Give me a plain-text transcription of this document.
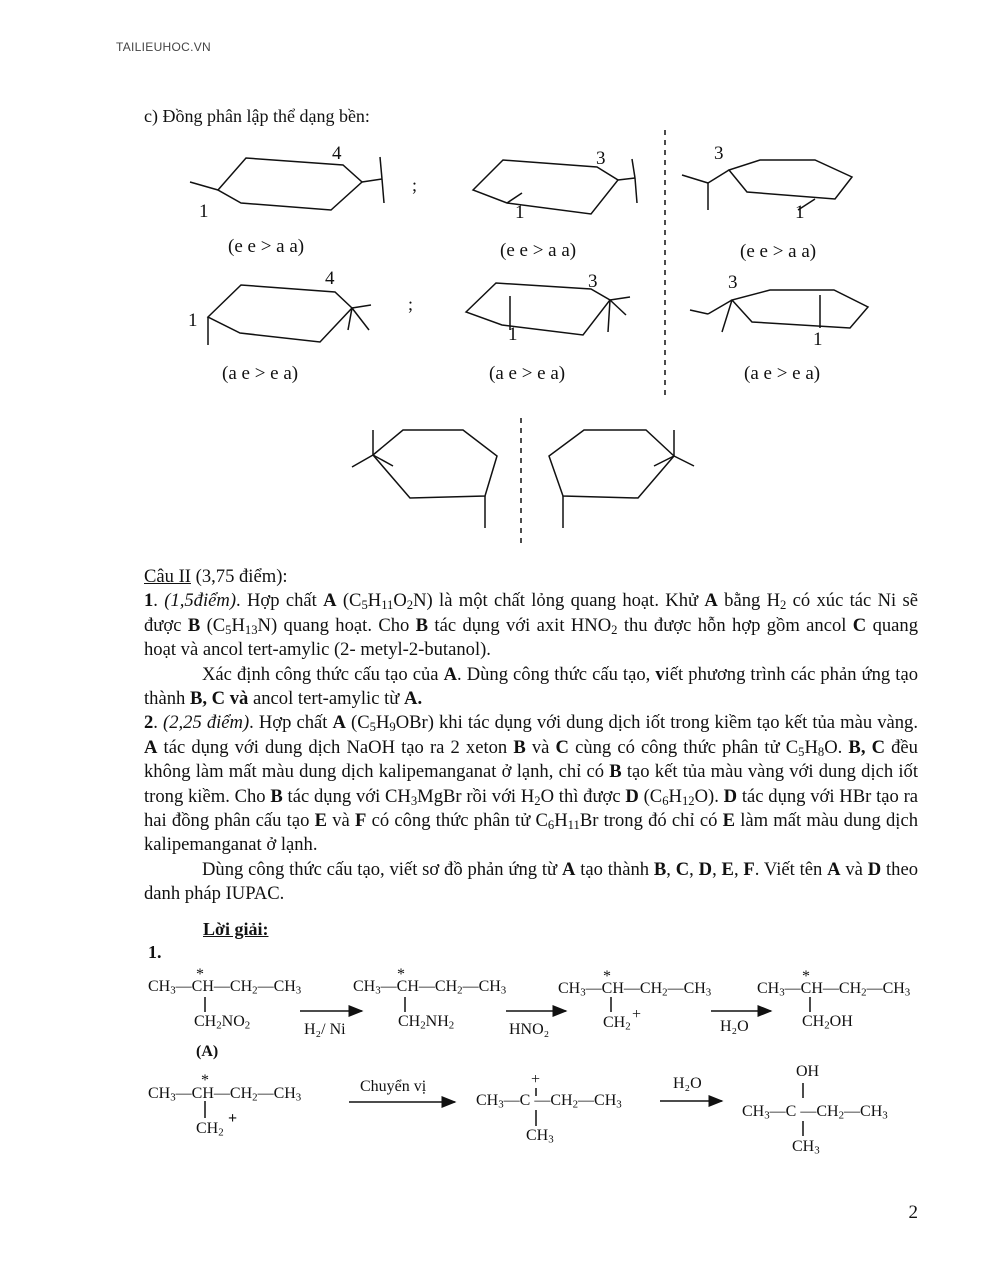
TAILIEUHOC.VN
c) Đồng phân lập thể dạng bền:
4
1
3
1
3
1
;
(e e > a a)	(e e > a a)	(e e > a a)
4
1
3
1
3
1
;
(a e > e a)	(a e > e a)	(a e > e a)

Câu II (3,75 điểm):

1. (1,5điểm). Hợp chất A $(C_5H_{11}O_2N)$ là một chất lỏng quang hoạt. Khử A bằng $H_2$ có xúc tác Ni sẽ được B $(C_5H_{13}N)$ quang hoạt. Cho B tác dụng với axit $HNO_2$ thu được hỗn hợp gồm ancol C quang hoạt và ancol tert-amylic (2- metyl-2-butanol).

Xác định công thức cấu tạo của A. Dùng công thức cấu tạo, viết phương trình các phản ứng tạo thành B, C và ancol tert-amylic từ A.

2. (2,25 điểm). Hợp chất A $(C_5H_9OBr)$ khi tác dụng với dung dịch iốt trong kiềm tạo kết tủa màu vàng. A tác dụng với dung dịch NaOH tạo ra 2 xeton B và C cùng có công thức phân tử $C_5H_8O$. B, C đều không làm mất màu dung dịch kalipemanganat ở lạnh, chỉ có B tạo kết tủa màu vàng với dung dịch iốt trong kiềm. Cho B tác dụng với $CH_3MgBr$ rồi với $H_2O$ thì được D $(C_6H_{12}O)$. D tác dụng với HBr tạo ra hai đồng phân cấu tạo E và F có công thức phân tử $C_6H_{11}Br$ trong đó chỉ có E làm mất màu dung dịch kalipemanganat ở lạnh.

Dùng công thức cấu tạo, viết sơ đồ phản ứng từ A tạo thành B, C, D, E, F. Viết tên A và D theo danh pháp IUPAC.

Lời giải:
1.
$CH_3—CH—CH_2—CH_3$
*
$CH_2NO_2$
(A)
H₂/ Ni
$CH_3—CH—CH_2—CH_3$
*
$CH_2NH_2$	HNO₂
$CH_3—CH—CH_2—CH_3$
*
$CH_2$
+
H₂O
$CH_3—CH—CH_2—CH_3$
*
$CH_2OH$
$CH_3—CH—CH_2—CH_3$
*
$CH_2$
+
Chuyển vị	+
$CH_3—C$ $—CH_2—CH_3$
$CH_3$
H₂O
OH
$CH_3—C$ $—CH_2—CH_3$
$CH_3$
2
